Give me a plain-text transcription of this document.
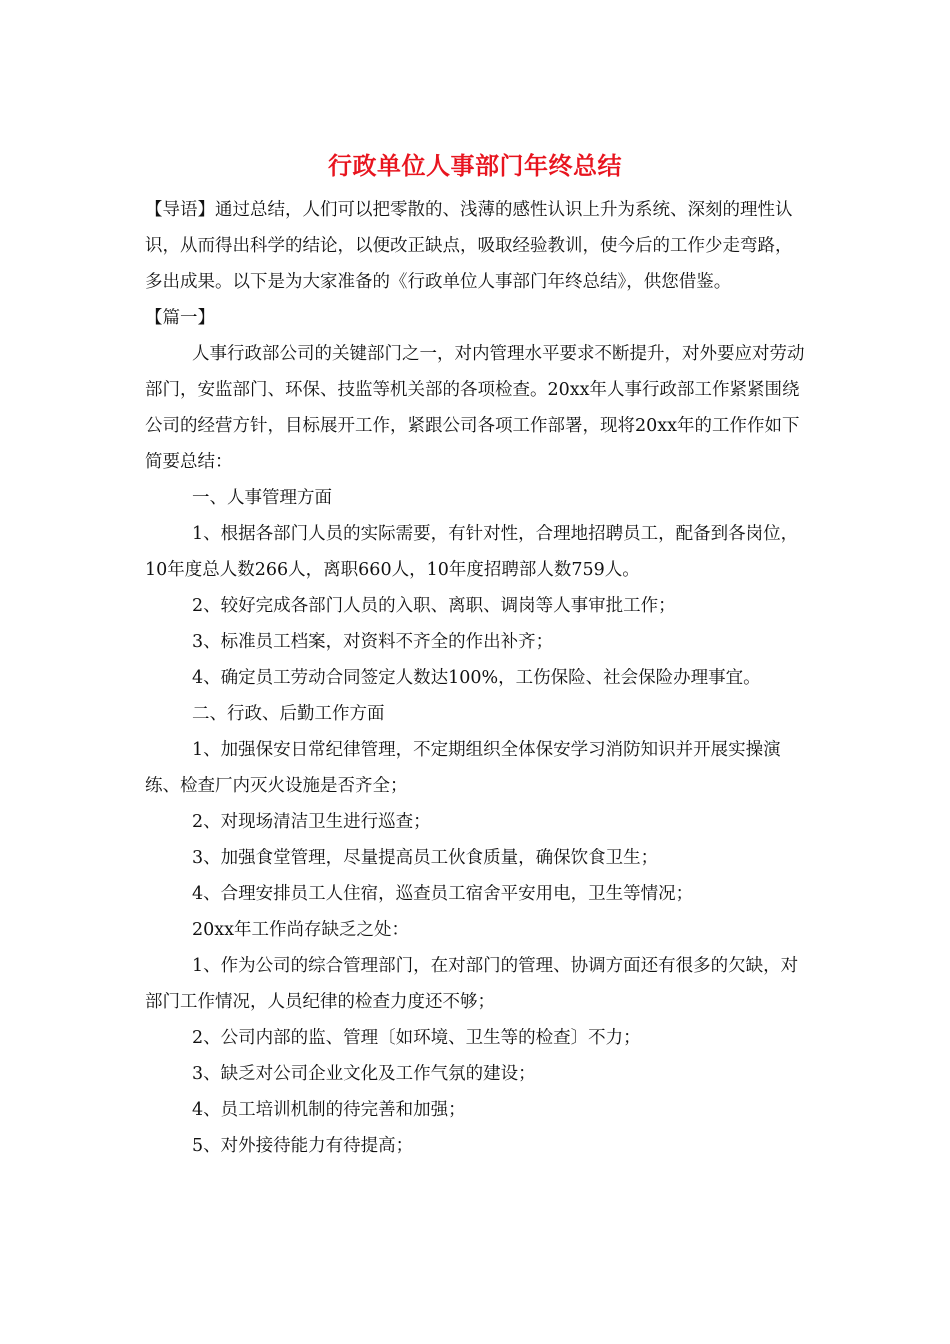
行政单位人事部门年终总结

【导语】通过总结，人们可以把零散的、浅薄的感性认识上升为系统、深刻的理性认识，从而得出科学的结论，以便改正缺点，吸取经验教训，使今后的工作少走弯路，多出成果。以下是为大家准备的《行政单位人事部门年终总结》，供您借鉴。

【篇一】

人事行政部公司的关键部门之一，对内管理水平要求不断提升，对外要应对劳动部门，安监部门、环保、技监等机关部的各项检查。20xx年人事行政部工作紧紧围绕公司的经营方针，目标展开工作，紧跟公司各项工作部署，现将20xx年的工作作如下简要总结：

一、人事管理方面

1、根据各部门人员的实际需要，有针对性，合理地招聘员工，配备到各岗位，10年度总人数266人，离职660人，10年度招聘部人数759人。

2、较好完成各部门人员的入职、离职、调岗等人事审批工作；

3、标准员工档案，对资料不齐全的作出补齐；

4、确定员工劳动合同签定人数达100%，工伤保险、社会保险办理事宜。

二、行政、后勤工作方面

1、加强保安日常纪律管理，不定期组织全体保安学习消防知识并开展实操演练、检查厂内灭火设施是否齐全；

2、对现场清洁卫生进行巡查；

3、加强食堂管理，尽量提高员工伙食质量，确保饮食卫生；

4、合理安排员工人住宿，巡查员工宿舍平安用电，卫生等情况；

20xx年工作尚存缺乏之处：

1、作为公司的综合管理部门，在对部门的管理、协调方面还有很多的欠缺，对部门工作情况，人员纪律的检查力度还不够；

2、公司内部的监、管理〔如环境、卫生等的检查〕不力；

3、缺乏对公司企业文化及工作气氛的建设；

4、员工培训机制的待完善和加强；

5、对外接待能力有待提高；
